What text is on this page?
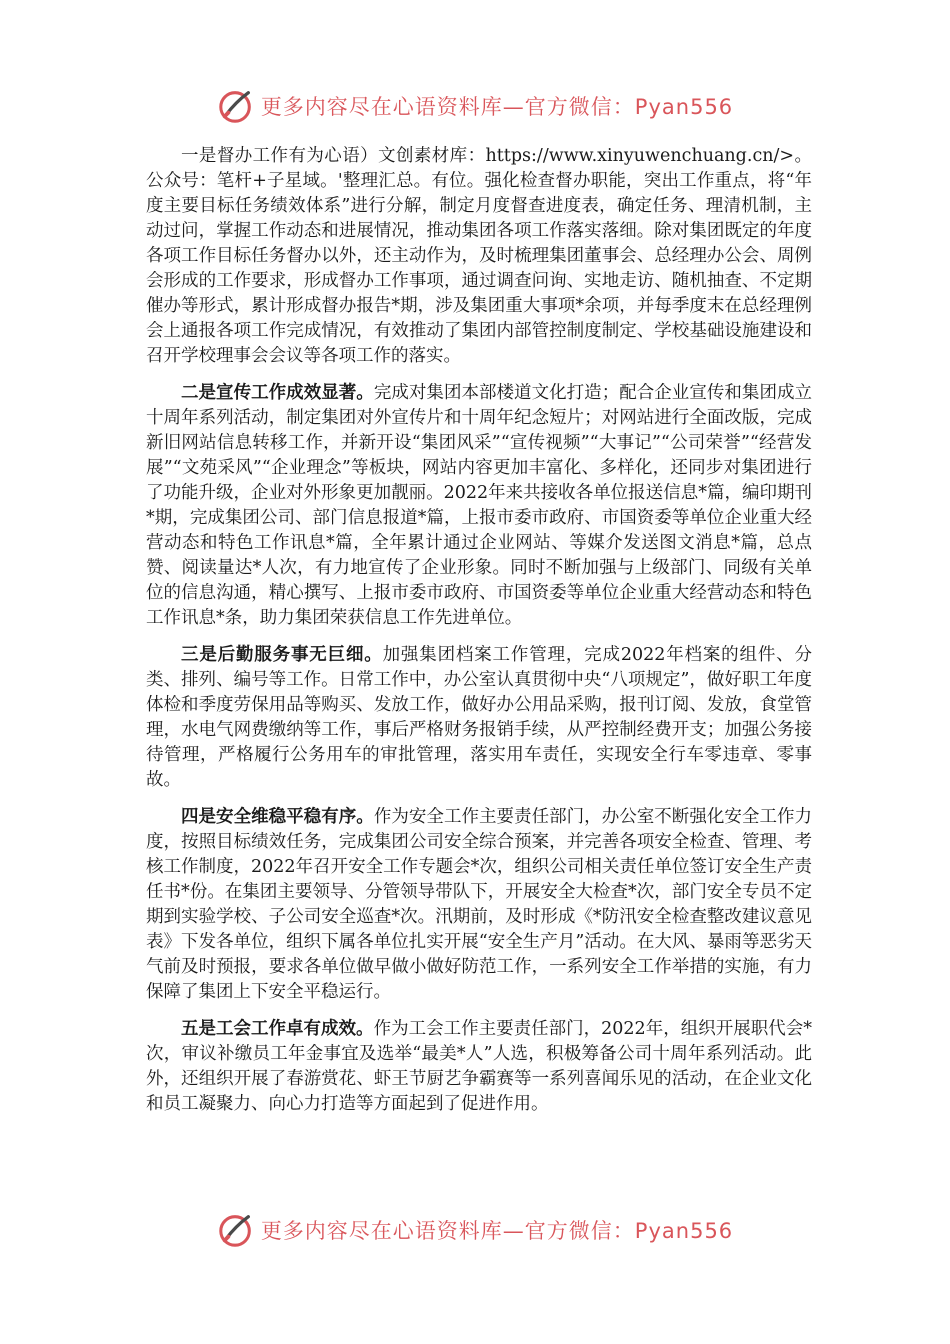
更多内容尽在心语资料库—官方微信：Pyan556

一是督办工作有为心语）文创素材库：https://www.xinyuwenchuang.cn/>。公众号：笔杆+子星域。'整理汇总。有位。强化检查督办职能，突出工作重点，将“年度主要目标任务绩效体系”进行分解，制定月度督查进度表，确定任务、理清机制，主动过问，掌握工作动态和进展情况，推动集团各项工作落实落细。除对集团既定的年度各项工作目标任务督办以外，还主动作为，及时梳理集团董事会、总经理办公会、周例会形成的工作要求，形成督办工作事项，通过调查问询、实地走访、随机抽查、不定期催办等形式，累计形成督办报告*期，涉及集团重大事项*余项，并每季度末在总经理例会上通报各项工作完成情况，有效推动了集团内部管控制度制定、学校基础设施建设和召开学校理事会会议等各项工作的落实。

二是宣传工作成效显著。完成对集团本部楼道文化打造；配合企业宣传和集团成立十周年系列活动，制定集团对外宣传片和十周年纪念短片；对网站进行全面改版，完成新旧网站信息转移工作，并新开设“集团风采”“宣传视频”“大事记”“公司荣誉”“经营发展”“文苑采风”“企业理念”等板块，网站内容更加丰富化、多样化，还同步对集团进行了功能升级，企业对外形象更加靓丽。2022年来共接收各单位报送信息*篇，编印期刊*期，完成集团公司、部门信息报道*篇，上报市委市政府、市国资委等单位企业重大经营动态和特色工作讯息*篇，全年累计通过企业网站、等媒介发送图文消息*篇，总点赞、阅读量达*人次，有力地宣传了企业形象。同时不断加强与上级部门、同级有关单位的信息沟通，精心撰写、上报市委市政府、市国资委等单位企业重大经营动态和特色工作讯息*条，助力集团荣获信息工作先进单位。

三是后勤服务事无巨细。加强集团档案工作管理，完成2022年档案的组件、分类、排列、编号等工作。日常工作中，办公室认真贯彻中央“八项规定”，做好职工年度体检和季度劳保用品等购买、发放工作，做好办公用品采购，报刊订阅、发放，食堂管理，水电气网费缴纳等工作，事后严格财务报销手续，从严控制经费开支；加强公务接待管理，严格履行公务用车的审批管理，落实用车责任，实现安全行车零违章、零事故。

四是安全维稳平稳有序。作为安全工作主要责任部门，办公室不断强化安全工作力度，按照目标绩效任务，完成集团公司安全综合预案，并完善各项安全检查、管理、考核工作制度，2022年召开安全工作专题会*次，组织公司相关责任单位签订安全生产责任书*份。在集团主要领导、分管领导带队下，开展安全大检查*次，部门安全专员不定期到实验学校、子公司安全巡查*次。汛期前，及时形成《*防汛安全检查整改建议意见表》下发各单位，组织下属各单位扎实开展“安全生产月”活动。在大风、暴雨等恶劣天气前及时预报，要求各单位做早做小做好防范工作，一系列安全工作举措的实施，有力保障了集团上下安全平稳运行。

五是工会工作卓有成效。作为工会工作主要责任部门，2022年，组织开展职代会*次，审议补缴员工年金事宜及选举“最美*人”人选，积极筹备公司十周年系列活动。此外，还组织开展了春游赏花、虾王节厨艺争霸赛等一系列喜闻乐见的活动，在企业文化和员工凝聚力、向心力打造等方面起到了促进作用。

更多内容尽在心语资料库—官方微信：Pyan556
